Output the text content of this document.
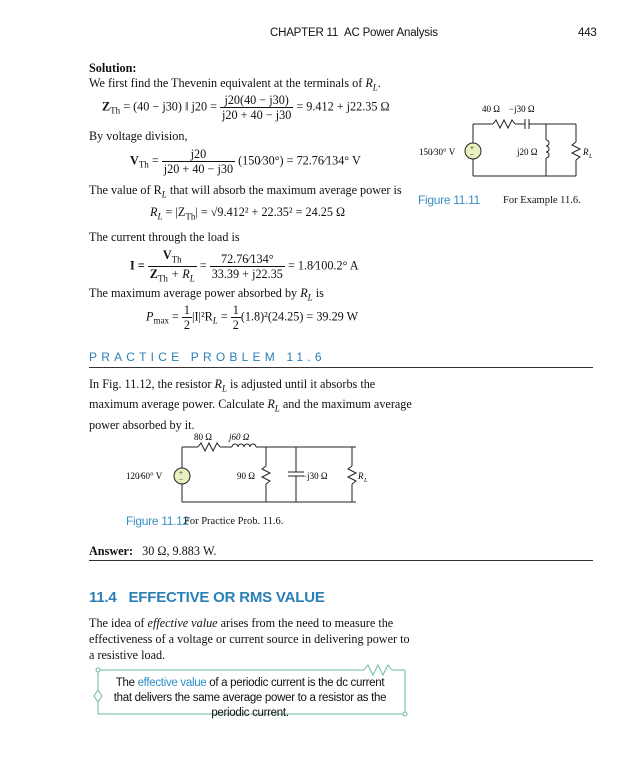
CHAPTER 11 AC Power Analysis	443
Solution:
We first find the Thevenin equivalent at the terminals of $R_L$.
$Z_{Th} = (40 - j30)$ ‖ $j20 = \frac{j20(40 - j30)}{j20 + 40 - j30} = 9.412 + j22.35$ Ω
By voltage division,
$V_{Th} = \frac{j20}{j20 + 40 - j30}$ (150⁄30°) = 72.76⁄134° V
The value of $R_L$ that will absorb the maximum average power is
$R_L = |Z_{Th}| = √9.412^2 + 22.35^2 = 24.25$ Ω
The current through the load is
$I = \frac{V_{Th}}{Z_{Th} + R_L} = \frac{72.76⁄134^\circ}{33.39 + j22.35}$ = 1.8⁄100.2° A
The maximum average power absorbed by $R_L$ is
$P_{max} = \frac{1}{2} |I|^2R_L = \frac{1}{2} (1.8)^2(24.25) = 39.29$ W
+
−
40 Ω −j30 Ω
j20 Ω
150⁄30° V	R L
Figure 11.11 For Example 11.6.
PRACTICE PROBLEM 11.6
In Fig. 11.12, the resistor $R_L$ is adjusted until it absorbs the maximum average power. Calculate $R_L$ and the maximum average power absorbed by it.
+
−
80 Ω j60 Ω
90 Ω	−j30 Ω	R L
120⁄60° V
Figure 11.12
For Practice Prob. 11.6.
Answer: 30 Ω, 9.883 W.
11.4 EFFECTIVE OR RMS VALUE
The idea of effective value arises from the need to measure the effectiveness of a voltage or current source in delivering power to a resistive load.
The effective value of a periodic current is the dc current that delivers the same average power to a resistor as the periodic current.
